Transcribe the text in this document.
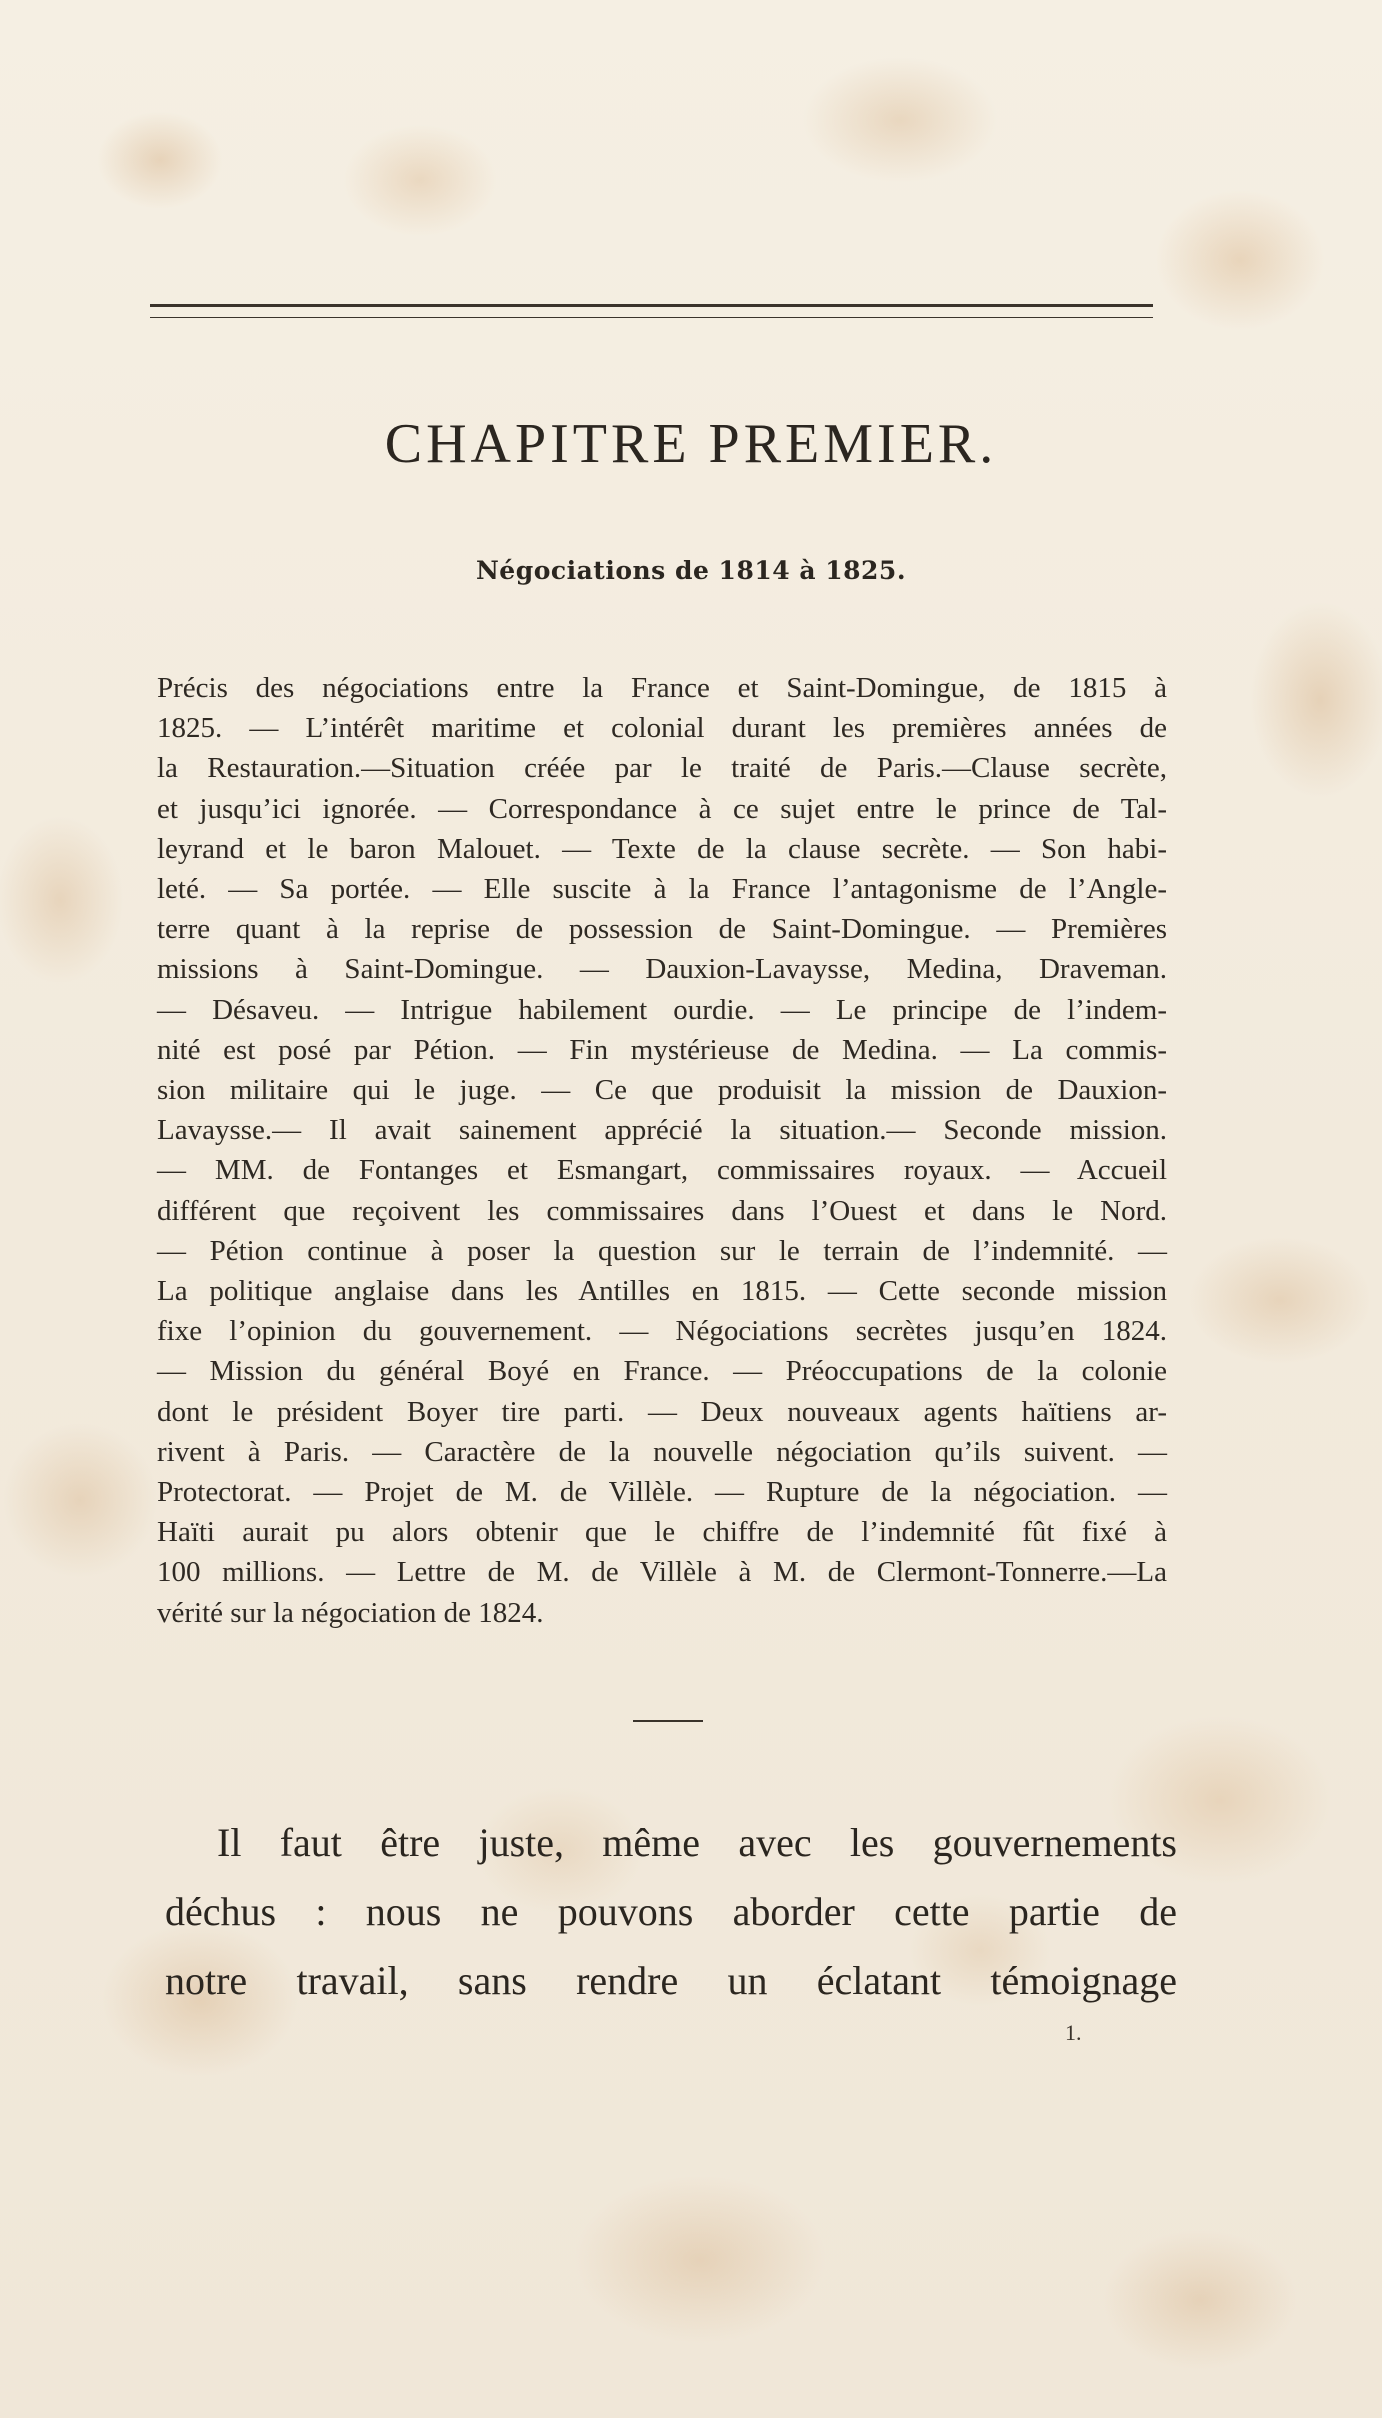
CHAPITRE PREMIER.
Négociations de 1814 à 1825.
Précis des négociations entre la France et Saint-Domingue, de 1815 à
1825. — L’intérêt maritime et colonial durant les premières années de
la Restauration.—Situation créée par le traité de Paris.—Clause secrète,
et jusqu’ici ignorée. — Correspondance à ce sujet entre le prince de Tal-
leyrand et le baron Malouet. — Texte de la clause secrète. — Son habi-
leté. — Sa portée. — Elle suscite à la France l’antagonisme de l’Angle-
terre quant à la reprise de possession de Saint-Domingue. — Premières
missions à Saint-Domingue. — Dauxion-Lavaysse, Medina, Draveman.
— Désaveu. — Intrigue habilement ourdie. — Le principe de l’indem-
nité est posé par Pétion. — Fin mystérieuse de Medina. — La commis-
sion militaire qui le juge. — Ce que produisit la mission de Dauxion-
Lavaysse.— Il avait sainement apprécié la situation.— Seconde mission.
— MM. de Fontanges et Esmangart, commissaires royaux. — Accueil
différent que reçoivent les commissaires dans l’Ouest et dans le Nord.
— Pétion continue à poser la question sur le terrain de l’indemnité. —
La politique anglaise dans les Antilles en 1815. — Cette seconde mission
fixe l’opinion du gouvernement. — Négociations secrètes jusqu’en 1824.
— Mission du général Boyé en France. — Préoccupations de la colonie
dont le président Boyer tire parti. — Deux nouveaux agents haïtiens ar-
rivent à Paris. — Caractère de la nouvelle négociation qu’ils suivent. —
Protectorat. — Projet de M. de Villèle. — Rupture de la négociation. —
Haïti aurait pu alors obtenir que le chiffre de l’indemnité fût fixé à
100 millions. — Lettre de M. de Villèle à M. de Clermont-Tonnerre.—La
vérité sur la négociation de 1824.
Il faut être juste, même avec les gouvernements
déchus : nous ne pouvons aborder cette partie de
notre travail, sans rendre un éclatant témoignage
1.
